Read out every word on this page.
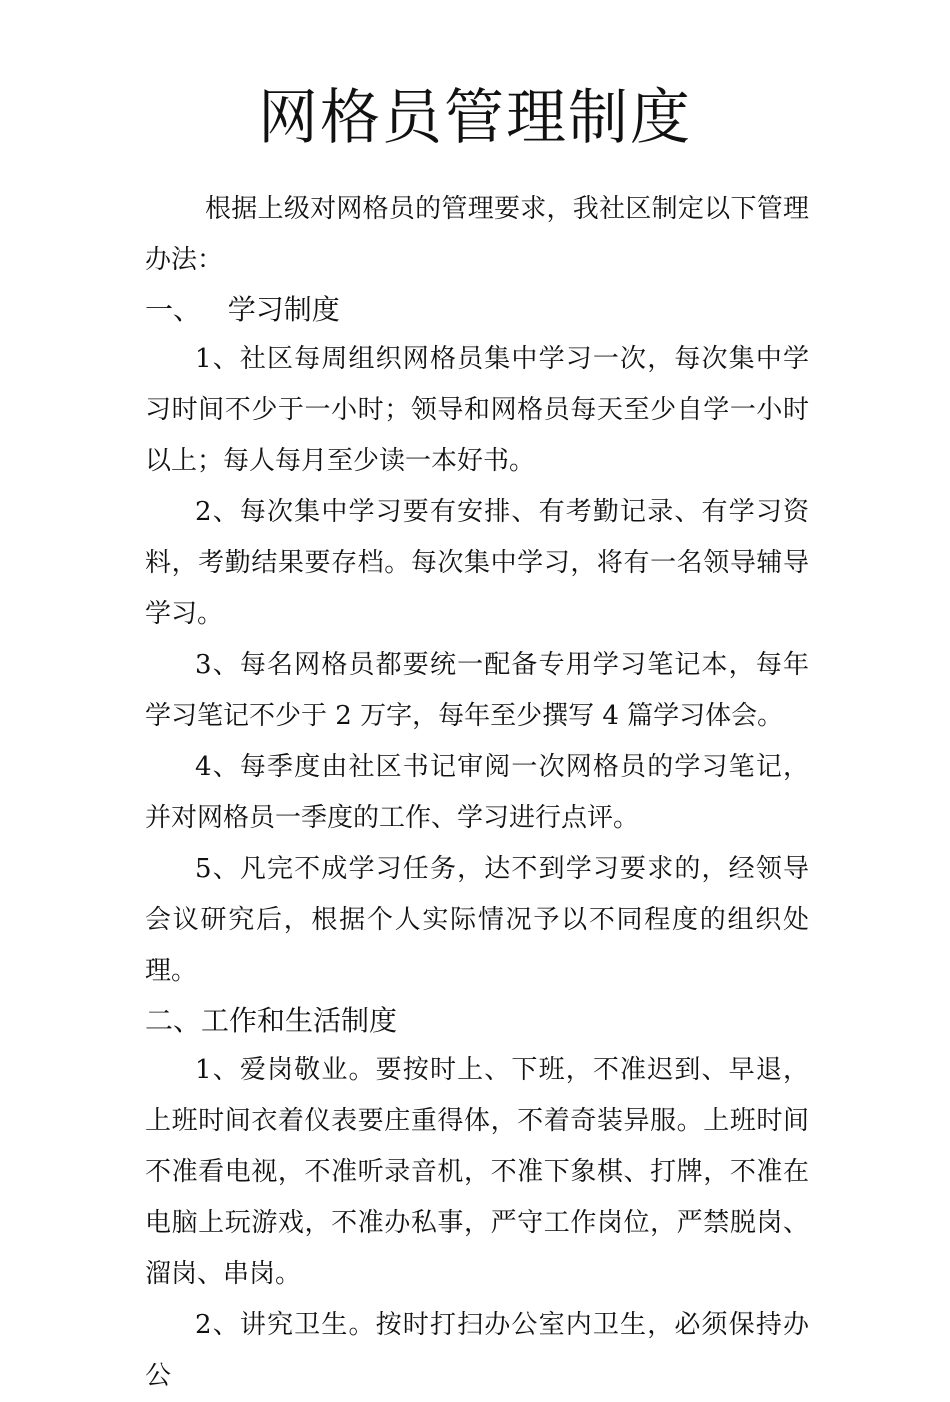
网格员管理制度

根据上级对网格员的管理要求，我社区制定以下管理办法：

一、   学习制度

1、社区每周组织网格员集中学习一次，每次集中学习时间不少于一小时；领导和网格员每天至少自学一小时以上；每人每月至少读一本好书。

2、每次集中学习要有安排、有考勤记录、有学习资料，考勤结果要存档。每次集中学习，将有一名领导辅导学习。

3、每名网格员都要统一配备专用学习笔记本，每年学习笔记不少于 2 万字，每年至少撰写 4 篇学习体会。

4、每季度由社区书记审阅一次网格员的学习笔记，并对网格员一季度的工作、学习进行点评。

5、凡完不成学习任务，达不到学习要求的，经领导会议研究后，根据个人实际情况予以不同程度的组织处理。

二、工作和生活制度

1、爱岗敬业。要按时上、下班，不准迟到、早退，上班时间衣着仪表要庄重得体，不着奇装异服。上班时间不准看电视，不准听录音机，不准下象棋、打牌，不准在电脑上玩游戏，不准办私事，严守工作岗位，严禁脱岗、溜岗、串岗。

2、讲究卫生。按时打扫办公室内卫生，必须保持办公
